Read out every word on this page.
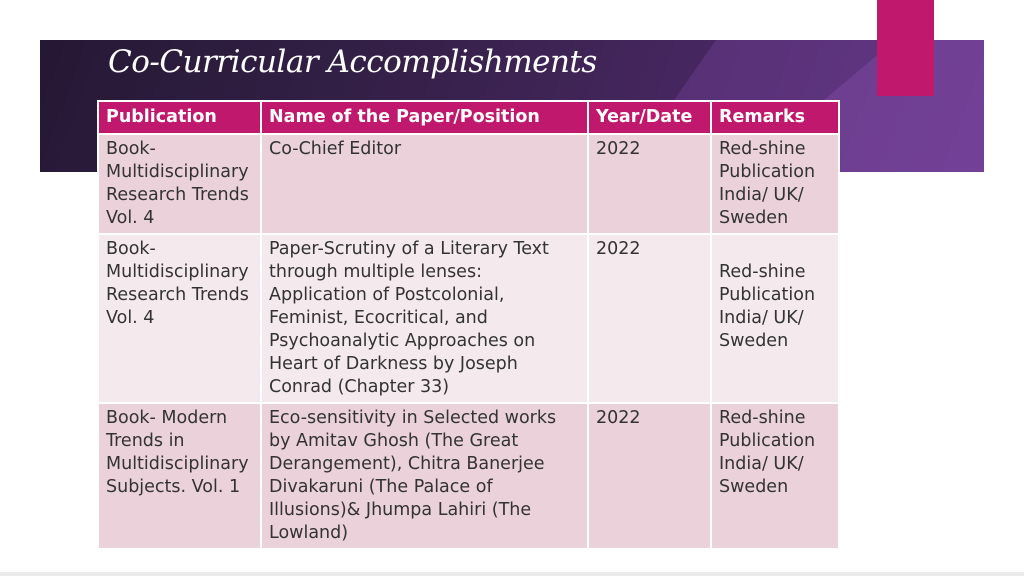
Co-Curricular Accomplishments
Publication	Name of the Paper/Position	Year/Date	Remarks
Book- Multidisciplinary Research Trends Vol. 4	Co-Chief Editor	2022	Red-shine Publication India/ UK/ Sweden
Book- Multidisciplinary Research Trends Vol. 4	Paper-Scrutiny of a Literary Text through multiple lenses: Application of Postcolonial, Feminist, Ecocritical, and Psychoanalytic Approaches on Heart of Darkness by Joseph Conrad (Chapter 33)	2022	Red-shine Publication India/ UK/ Sweden
Book- Modern Trends in Multidisciplinary Subjects. Vol. 1	Eco-sensitivity in Selected works by Amitav Ghosh (The Great Derangement), Chitra Banerjee Divakaruni (The Palace of Illusions)& Jhumpa Lahiri (The Lowland)	2022	Red-shine Publication India/ UK/ Sweden
